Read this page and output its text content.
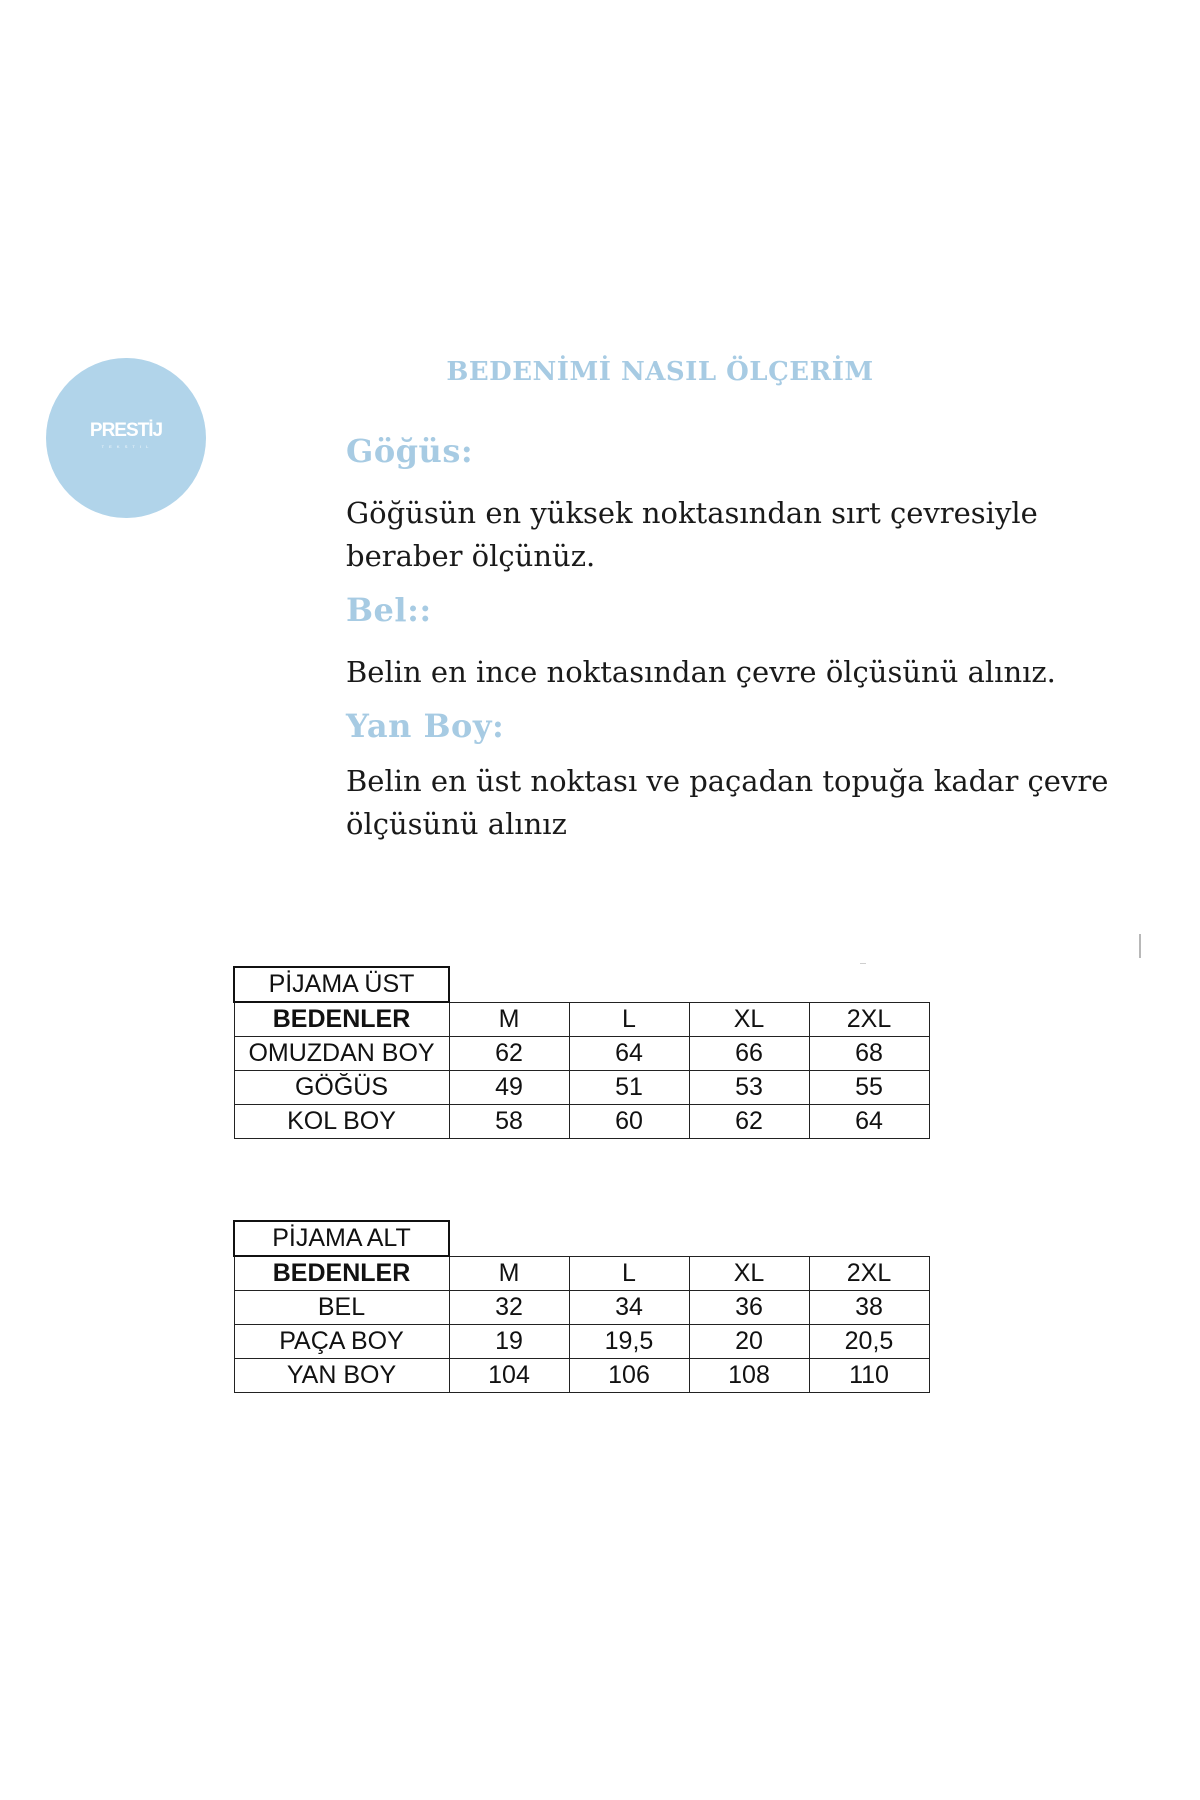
PRESTİJ
T E K S T I L
BEDENİMİ NASIL ÖLÇERİM
Göğüs:
Göğüsün en yüksek noktasından sırt çevresiyle beraber ölçünüz.
Bel::
Belin en ince noktasından çevre ölçüsünü alınız.
Yan Boy:
Belin en üst noktası ve paçadan topuğa kadar çevre ölçüsünü alınız
PİJAMA ÜST				
BEDENLER	M	L	XL	2XL
OMUZDAN BOY	62	64	66	68
GÖĞÜS	49	51	53	55
KOL BOY	58	60	62	64
PİJAMA ALT				
BEDENLER	M	L	XL	2XL
BEL	32	34	36	38
PAÇA BOY	19	19,5	20	20,5
YAN BOY	104	106	108	110
